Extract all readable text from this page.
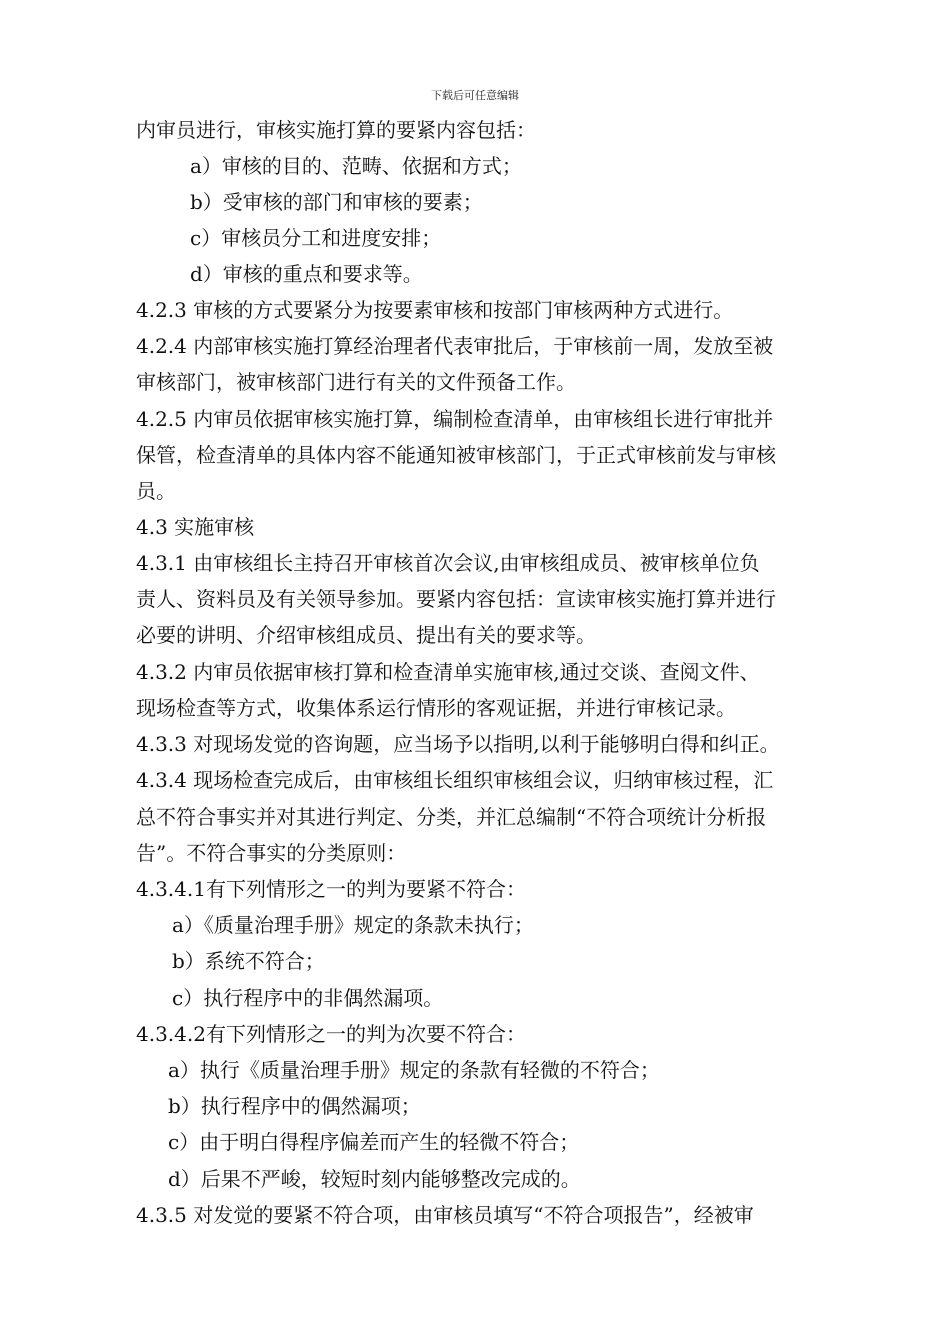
下载后可任意编辑
内审员进行，审核实施打算的要紧内容包括：
a）审核的目的、范畴、依据和方式；
b）受审核的部门和审核的要素；
c）审核员分工和进度安排；
d）审核的重点和要求等。
4.2.3 审核的方式要紧分为按要素审核和按部门审核两种方式进行。
4.2.4 内部审核实施打算经治理者代表审批后，于审核前一周，发放至被
审核部门，被审核部门进行有关的文件预备工作。
4.2.5 内审员依据审核实施打算，编制检查清单，由审核组长进行审批并
保管，检查清单的具体内容不能通知被审核部门，于正式审核前发与审核
员。
4.3 实施审核
4.3.1 由审核组长主持召开审核首次会议,由审核组成员、被审核单位负
责人、资料员及有关领导参加。要紧内容包括：宣读审核实施打算并进行
必要的讲明、介绍审核组成员、提出有关的要求等。
4.3.2 内审员依据审核打算和检查清单实施审核,通过交谈、查阅文件、
现场检查等方式，收集体系运行情形的客观证据，并进行审核记录。
4.3.3 对现场发觉的咨询题，应当场予以指明,以利于能够明白得和纠正。
4.3.4 现场检查完成后，由审核组长组织审核组会议，归纳审核过程，汇
总不符合事实并对其进行判定、分类，并汇总编制“不符合项统计分析报
告”。不符合事实的分类原则：
4.3.4.1有下列情形之一的判为要紧不符合：
a）《质量治理手册》规定的条款未执行；
b）系统不符合；
c）执行程序中的非偶然漏项。
4.3.4.2有下列情形之一的判为次要不符合：
a）执行《质量治理手册》规定的条款有轻微的不符合；
b）执行程序中的偶然漏项；
c）由于明白得程序偏差而产生的轻微不符合；
d）后果不严峻，较短时刻内能够整改完成的。
4.3.5 对发觉的要紧不符合项，由审核员填写“不符合项报告”，经被审
